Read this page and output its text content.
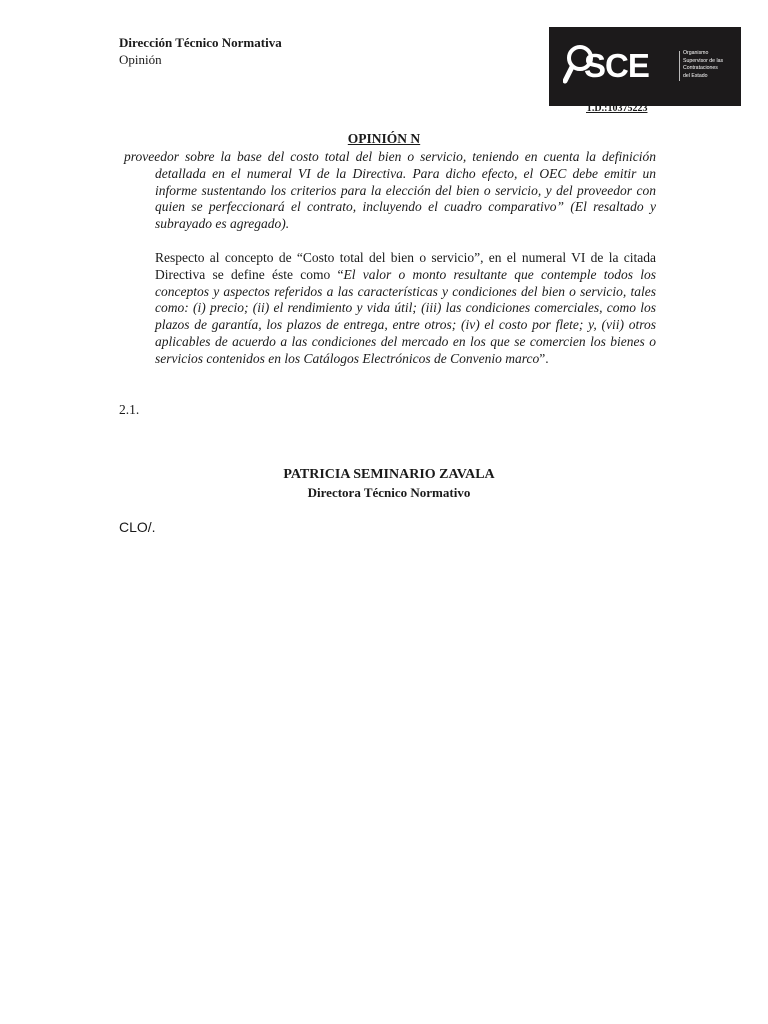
Dirección Técnico Normativa
Opinión	SCE	Organismo
Supervisor de las
Contrataciones
del Estado
T.D.:10375223
OPINIÓN N

proveedor sobre la base del costo total del bien o servicio, teniendo en cuenta la definición detallada en el numeral VI de la Directiva. Para dicho efecto, el OEC debe emitir un informe sustentando los criterios para la elección del bien o servicio, y del proveedor con quien se perfeccionará el contrato, incluyendo el cuadro comparativo” (El resaltado y subrayado es agregado).

Respecto al concepto de “Costo total del bien o servicio”, en el numeral VI de la citada Directiva se define éste como “El valor o monto resultante que contemple todos los conceptos y aspectos referidos a las características y condiciones del bien o servicio, tales como: (i) precio; (ii) el rendimiento y vida útil; (iii) las condiciones comerciales, como los plazos de garantía, los plazos de entrega, entre otros; (iv) el costo por flete; y, (vii) otros aplicables de acuerdo a las condiciones del mercado en los que se comercien los bienes o servicios contenidos en los Catálogos Electrónicos de Convenio marco”.

2.1.
PATRICIA SEMINARIO ZAVALA
Directora Técnico Normativo
CLO/.
